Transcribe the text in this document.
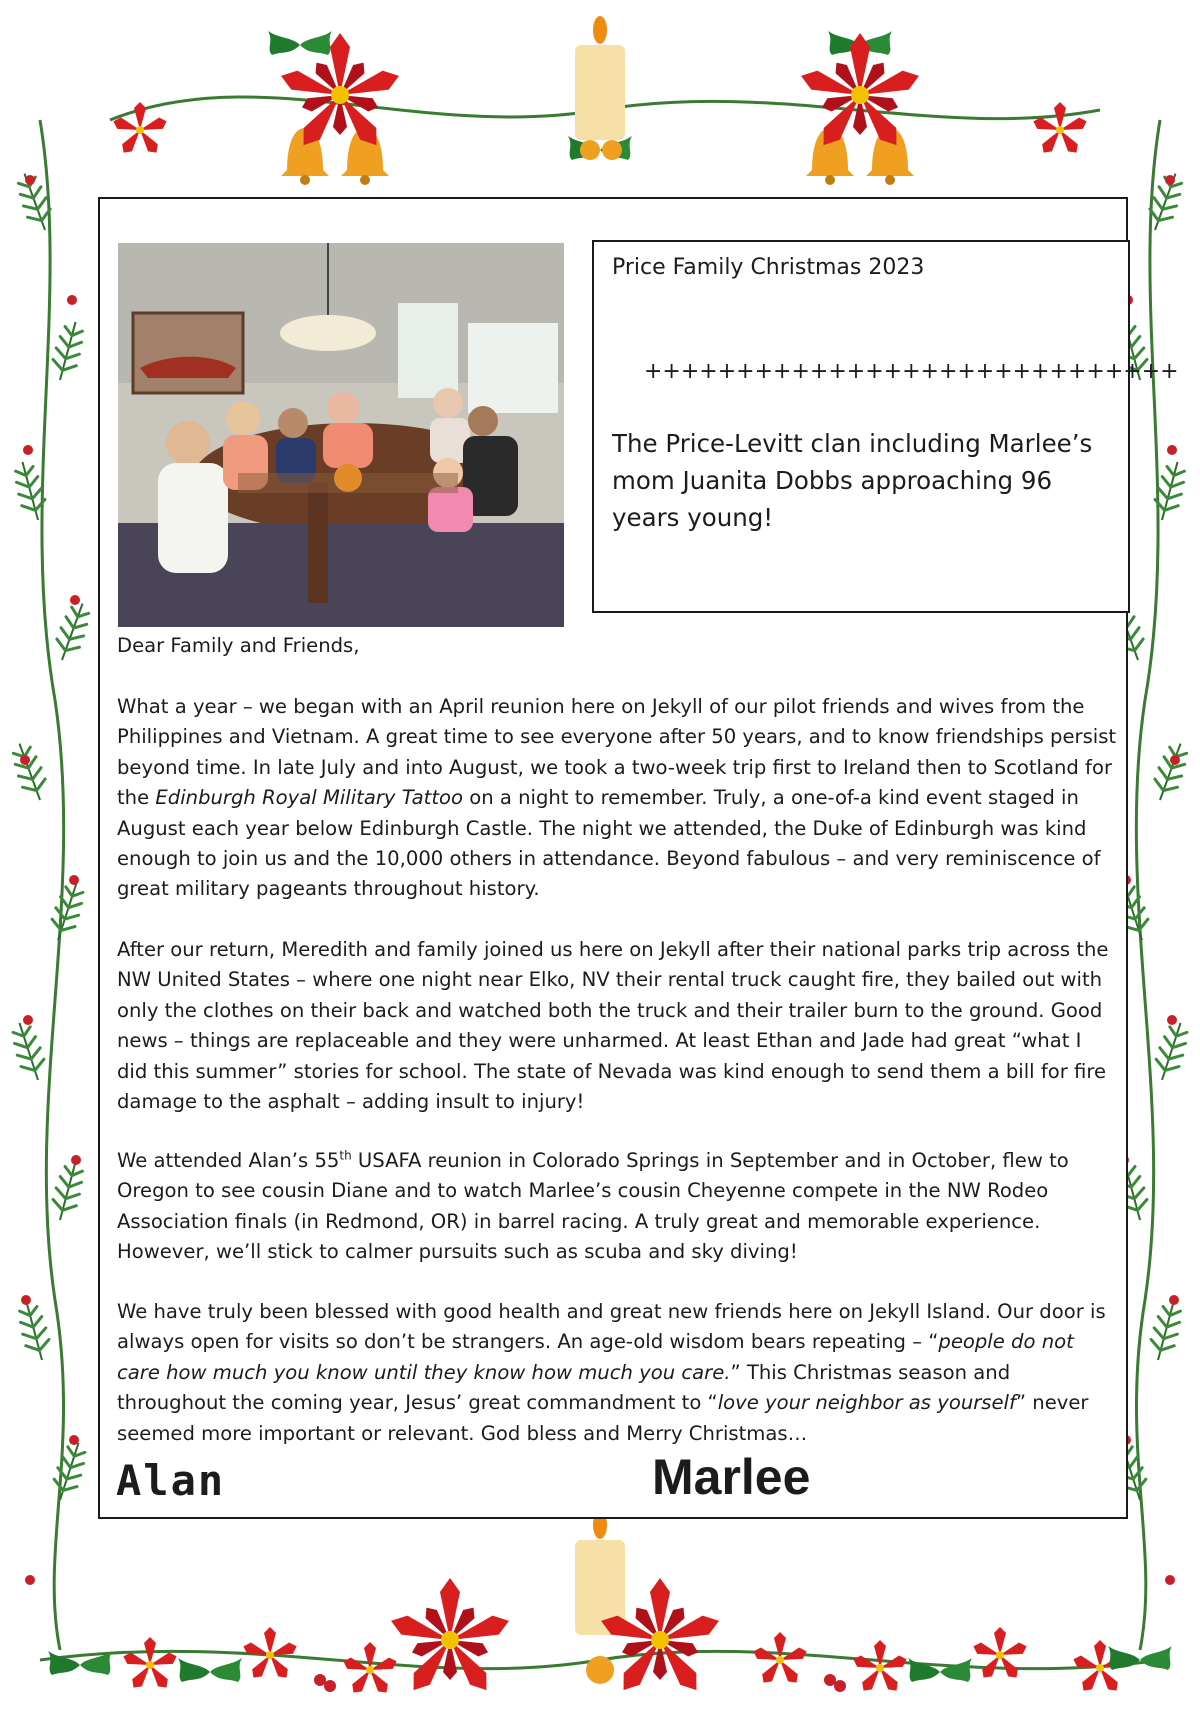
Price Family Christmas 2023
+++++++++++++++++++++++++++++

The Price-Levitt clan including Marlee’s mom Juanita Dobbs approaching 96 years young!

Dear Family and Friends,

What a year – we began with an April reunion here on Jekyll of our pilot friends and wives from the Philippines and Vietnam. A great time to see everyone after 50 years, and to know friendships persist beyond time. In late July and into August, we took a two-week trip first to Ireland then to Scotland for the Edinburgh Royal Military Tattoo on a night to remember. Truly, a one-of-a kind event staged in August each year below Edinburgh Castle. The night we attended, the Duke of Edinburgh was kind enough to join us and the 10,000 others in attendance. Beyond fabulous – and very reminiscence of great military pageants throughout history.

After our return, Meredith and family joined us here on Jekyll after their national parks trip across the NW United States – where one night near Elko, NV their rental truck caught fire, they bailed out with only the clothes on their back and watched both the truck and their trailer burn to the ground. Good news – things are replaceable and they were unharmed. At least Ethan and Jade had great “what I did this summer” stories for school. The state of Nevada was kind enough to send them a bill for fire damage to the asphalt – adding insult to injury!

We attended Alan’s 55th USAFA reunion in Colorado Springs in September and in October, flew to Oregon to see cousin Diane and to watch Marlee’s cousin Cheyenne compete in the NW Rodeo Association finals (in Redmond, OR) in barrel racing. A truly great and memorable experience. However, we’ll stick to calmer pursuits such as scuba and sky diving!

We have truly been blessed with good health and great new friends here on Jekyll Island. Our door is always open for visits so don’t be strangers. An age-old wisdom bears repeating – “people do not care how much you know until they know how much you care.” This Christmas season and throughout the coming year, Jesus’ great commandment to “love your neighbor as yourself” never seemed more important or relevant. God bless and Merry Christmas…

Alan	Marlee
